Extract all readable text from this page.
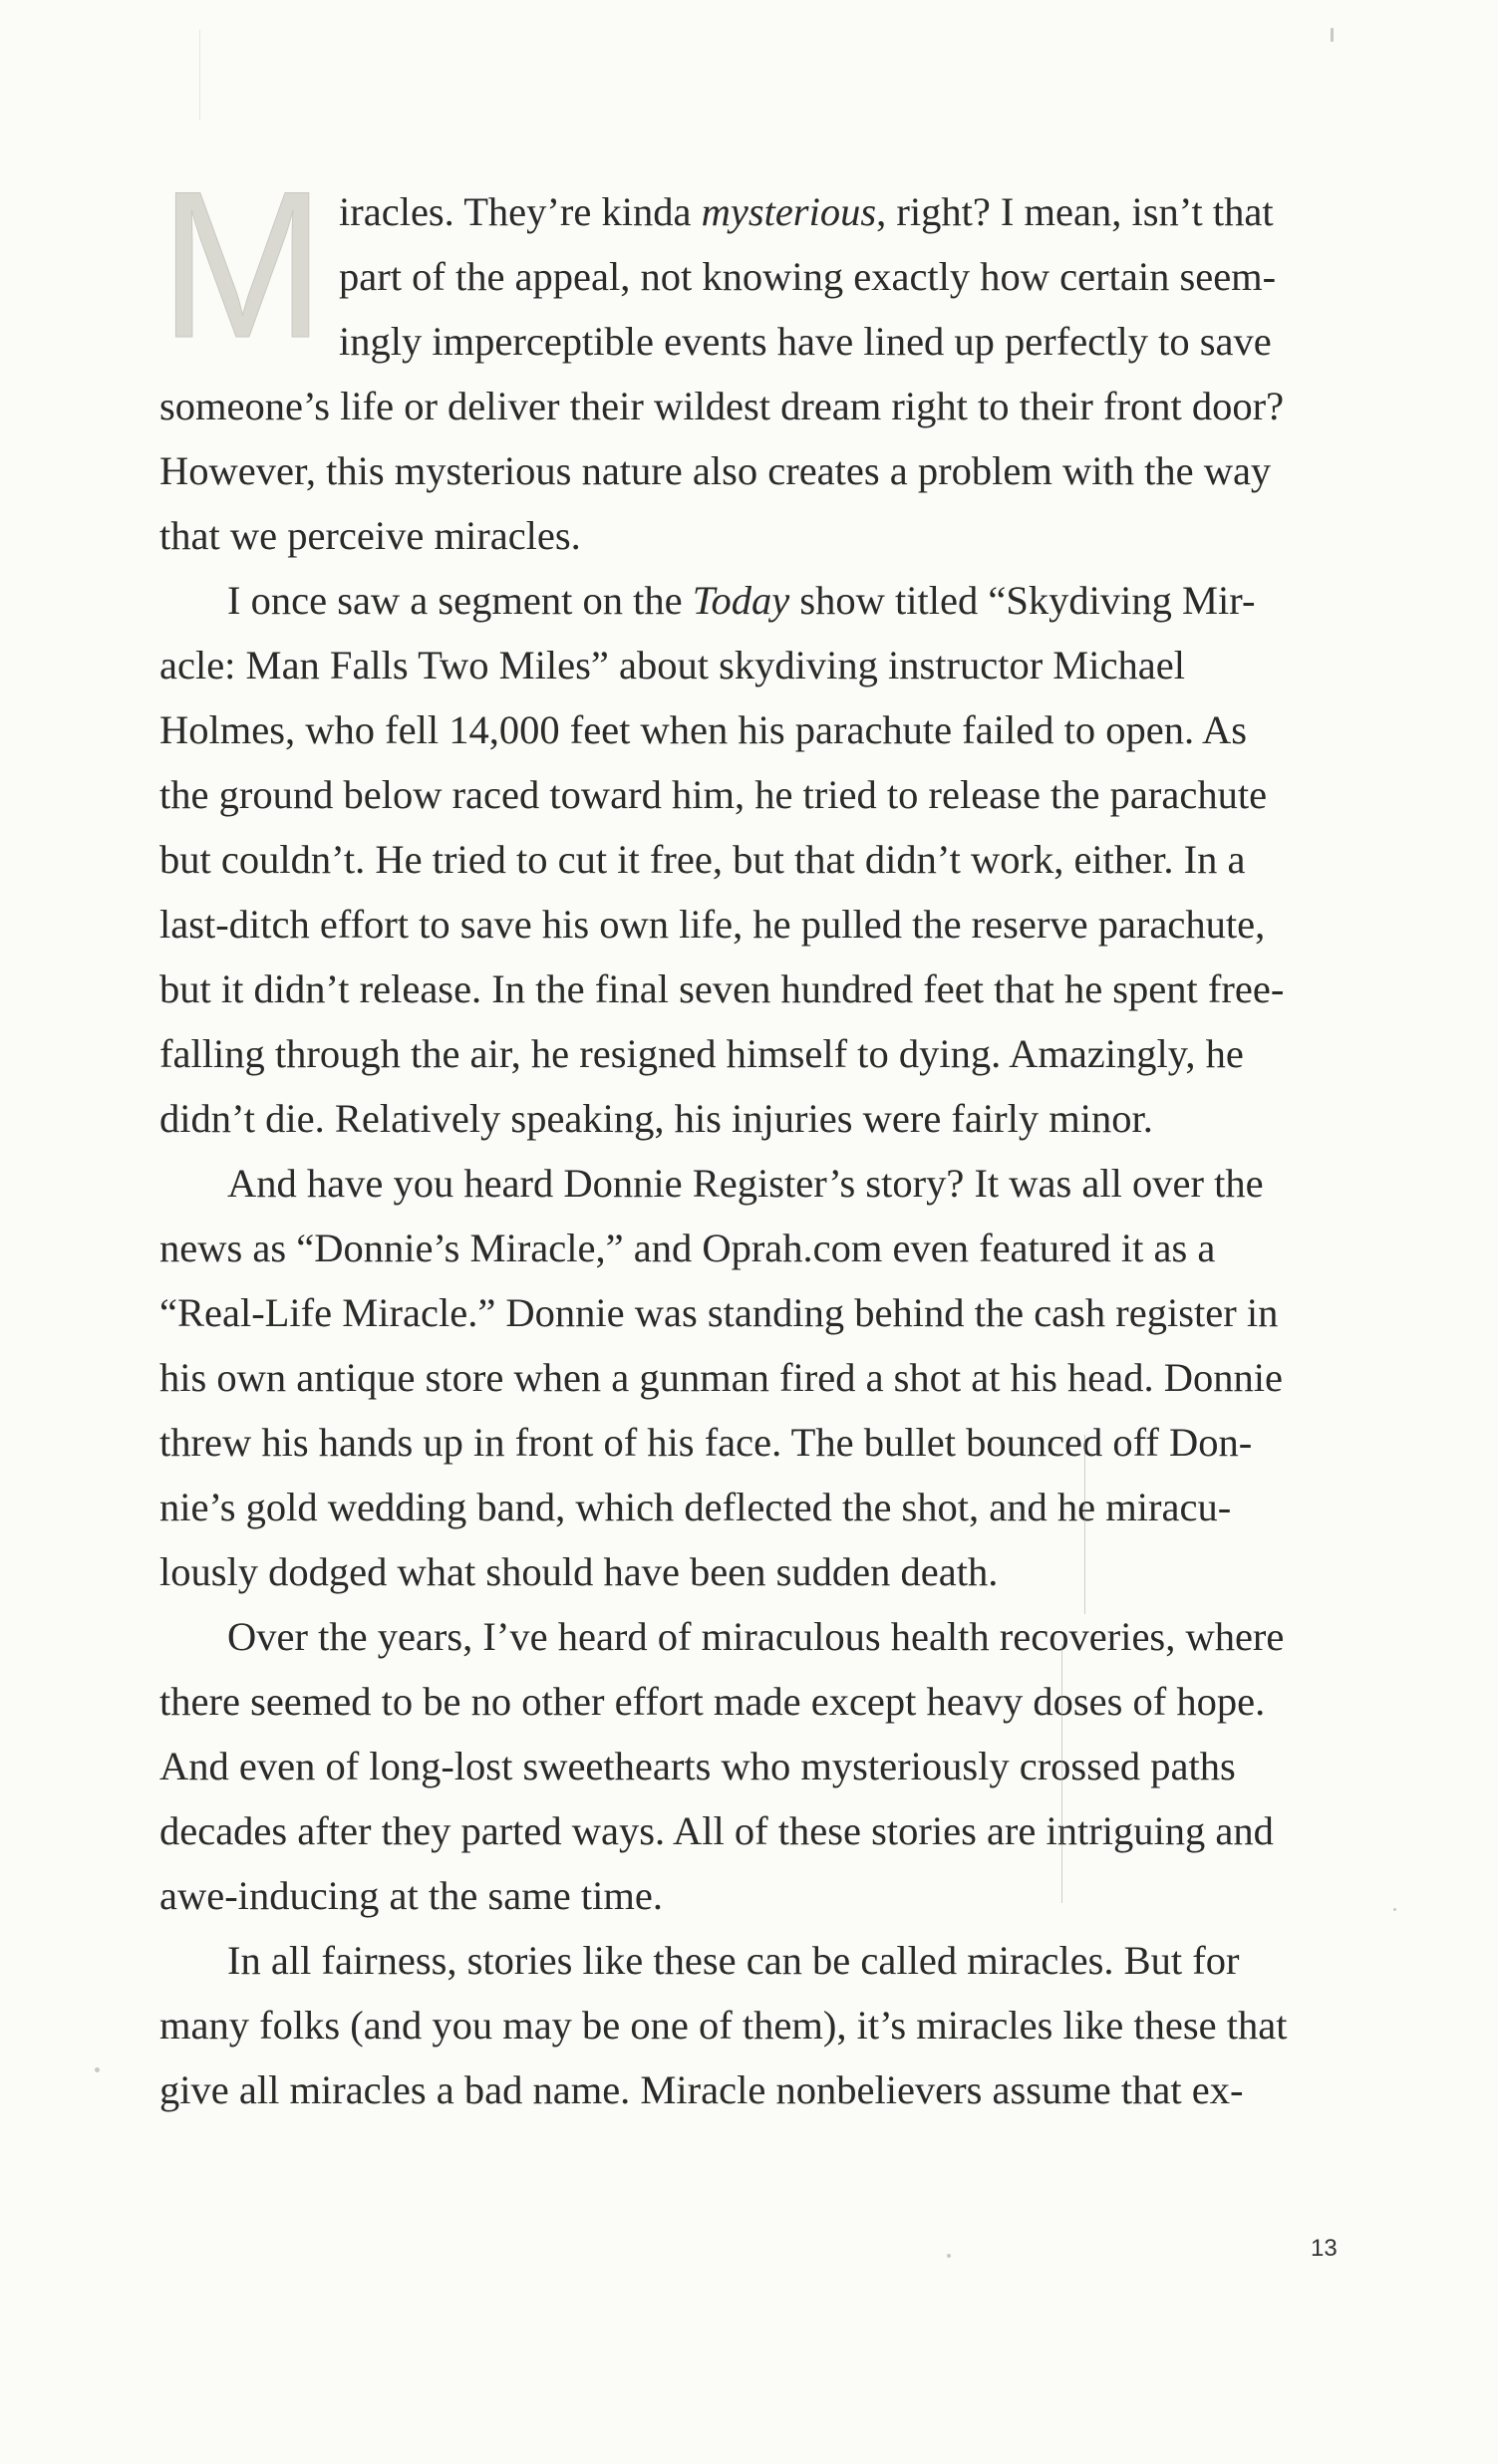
M iracles. They’re kinda mysterious, right? I mean, isn’t that
part of the appeal, not knowing exactly how certain seem-
ingly imperceptible events have lined up perfectly to save
someone’s life or deliver their wildest dream right to their front door?
However, this mysterious nature also creates a problem with the way
that we perceive miracles.
I once saw a segment on the Today show titled “Skydiving Mir-
acle: Man Falls Two Miles” about skydiving instructor Michael
Holmes, who fell 14,000 feet when his parachute failed to open. As
the ground below raced toward him, he tried to release the parachute
but couldn’t. He tried to cut it free, but that didn’t work, either. In a
last-ditch effort to save his own life, he pulled the reserve parachute,
but it didn’t release. In the final seven hundred feet that he spent free-
falling through the air, he resigned himself to dying. Amazingly, he
didn’t die. Relatively speaking, his injuries were fairly minor.
And have you heard Donnie Register’s story? It was all over the
news as “Donnie’s Miracle,” and Oprah.com even featured it as a
“Real-Life Miracle.” Donnie was standing behind the cash register in
his own antique store when a gunman fired a shot at his head. Donnie
threw his hands up in front of his face. The bullet bounced off Don-
nie’s gold wedding band, which deflected the shot, and he miracu-
lously dodged what should have been sudden death.
Over the years, I’ve heard of miraculous health recoveries, where
there seemed to be no other effort made except heavy doses of hope.
And even of long-lost sweethearts who mysteriously crossed paths
decades after they parted ways. All of these stories are intriguing and
awe-inducing at the same time.
In all fairness, stories like these can be called miracles. But for
many folks (and you may be one of them), it’s miracles like these that
give all miracles a bad name. Miracle nonbelievers assume that ex-
13
